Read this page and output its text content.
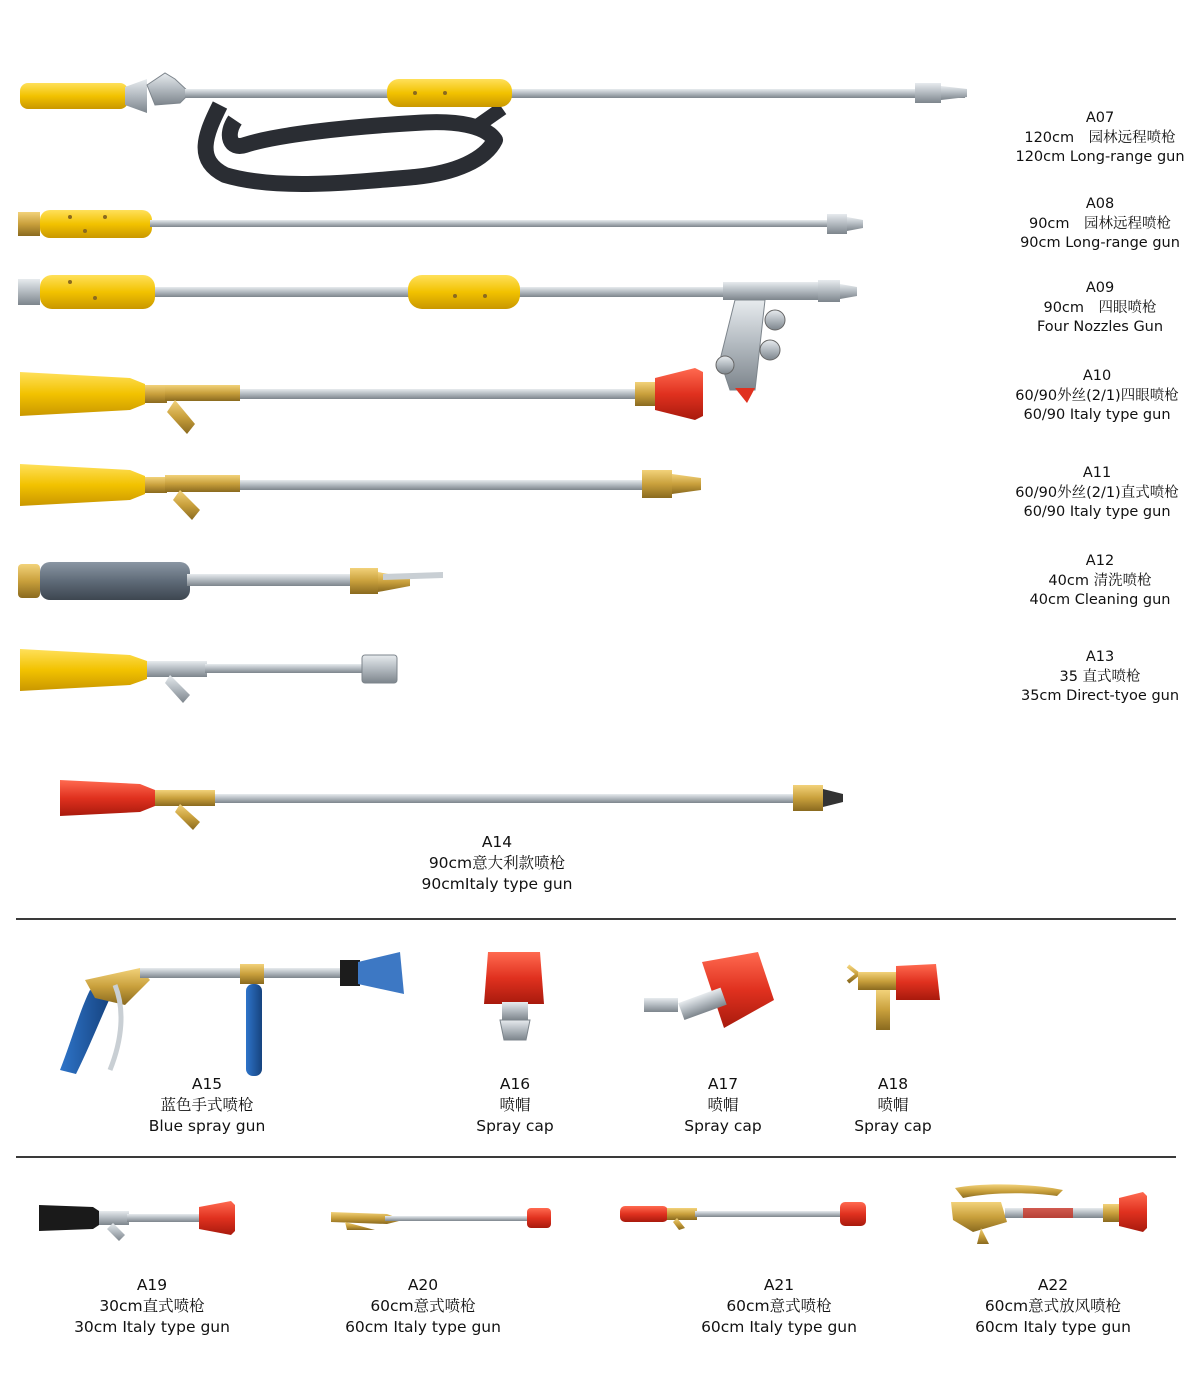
A07
120cm　园林远程喷枪
120cm Long-range gun
A08
90cm　园林远程喷枪
90cm Long-range gun
A09
90cm　四眼喷枪
Four Nozzles Gun
A10
60/90外丝(2/1)四眼喷枪
60/90 Italy type gun
A11
60/90外丝(2/1)直式喷枪
60/90 Italy type gun
A12
40cm 清洗喷枪
40cm Cleaning gun
A13
35 直式喷枪
35cm Direct-tyoe gun
A14
90cm意大利款喷枪
90cmItaly type gun
A15
蓝色手式喷枪
Blue spray gun
A16
喷帽
Spray cap
A17
喷帽
Spray cap
A18
喷帽
Spray cap
A19
30cm直式喷枪
30cm Italy type gun
A20
60cm意式喷枪
60cm Italy type gun
A21
60cm意式喷枪
60cm Italy type gun
A22
60cm意式放风喷枪
60cm Italy type gun
